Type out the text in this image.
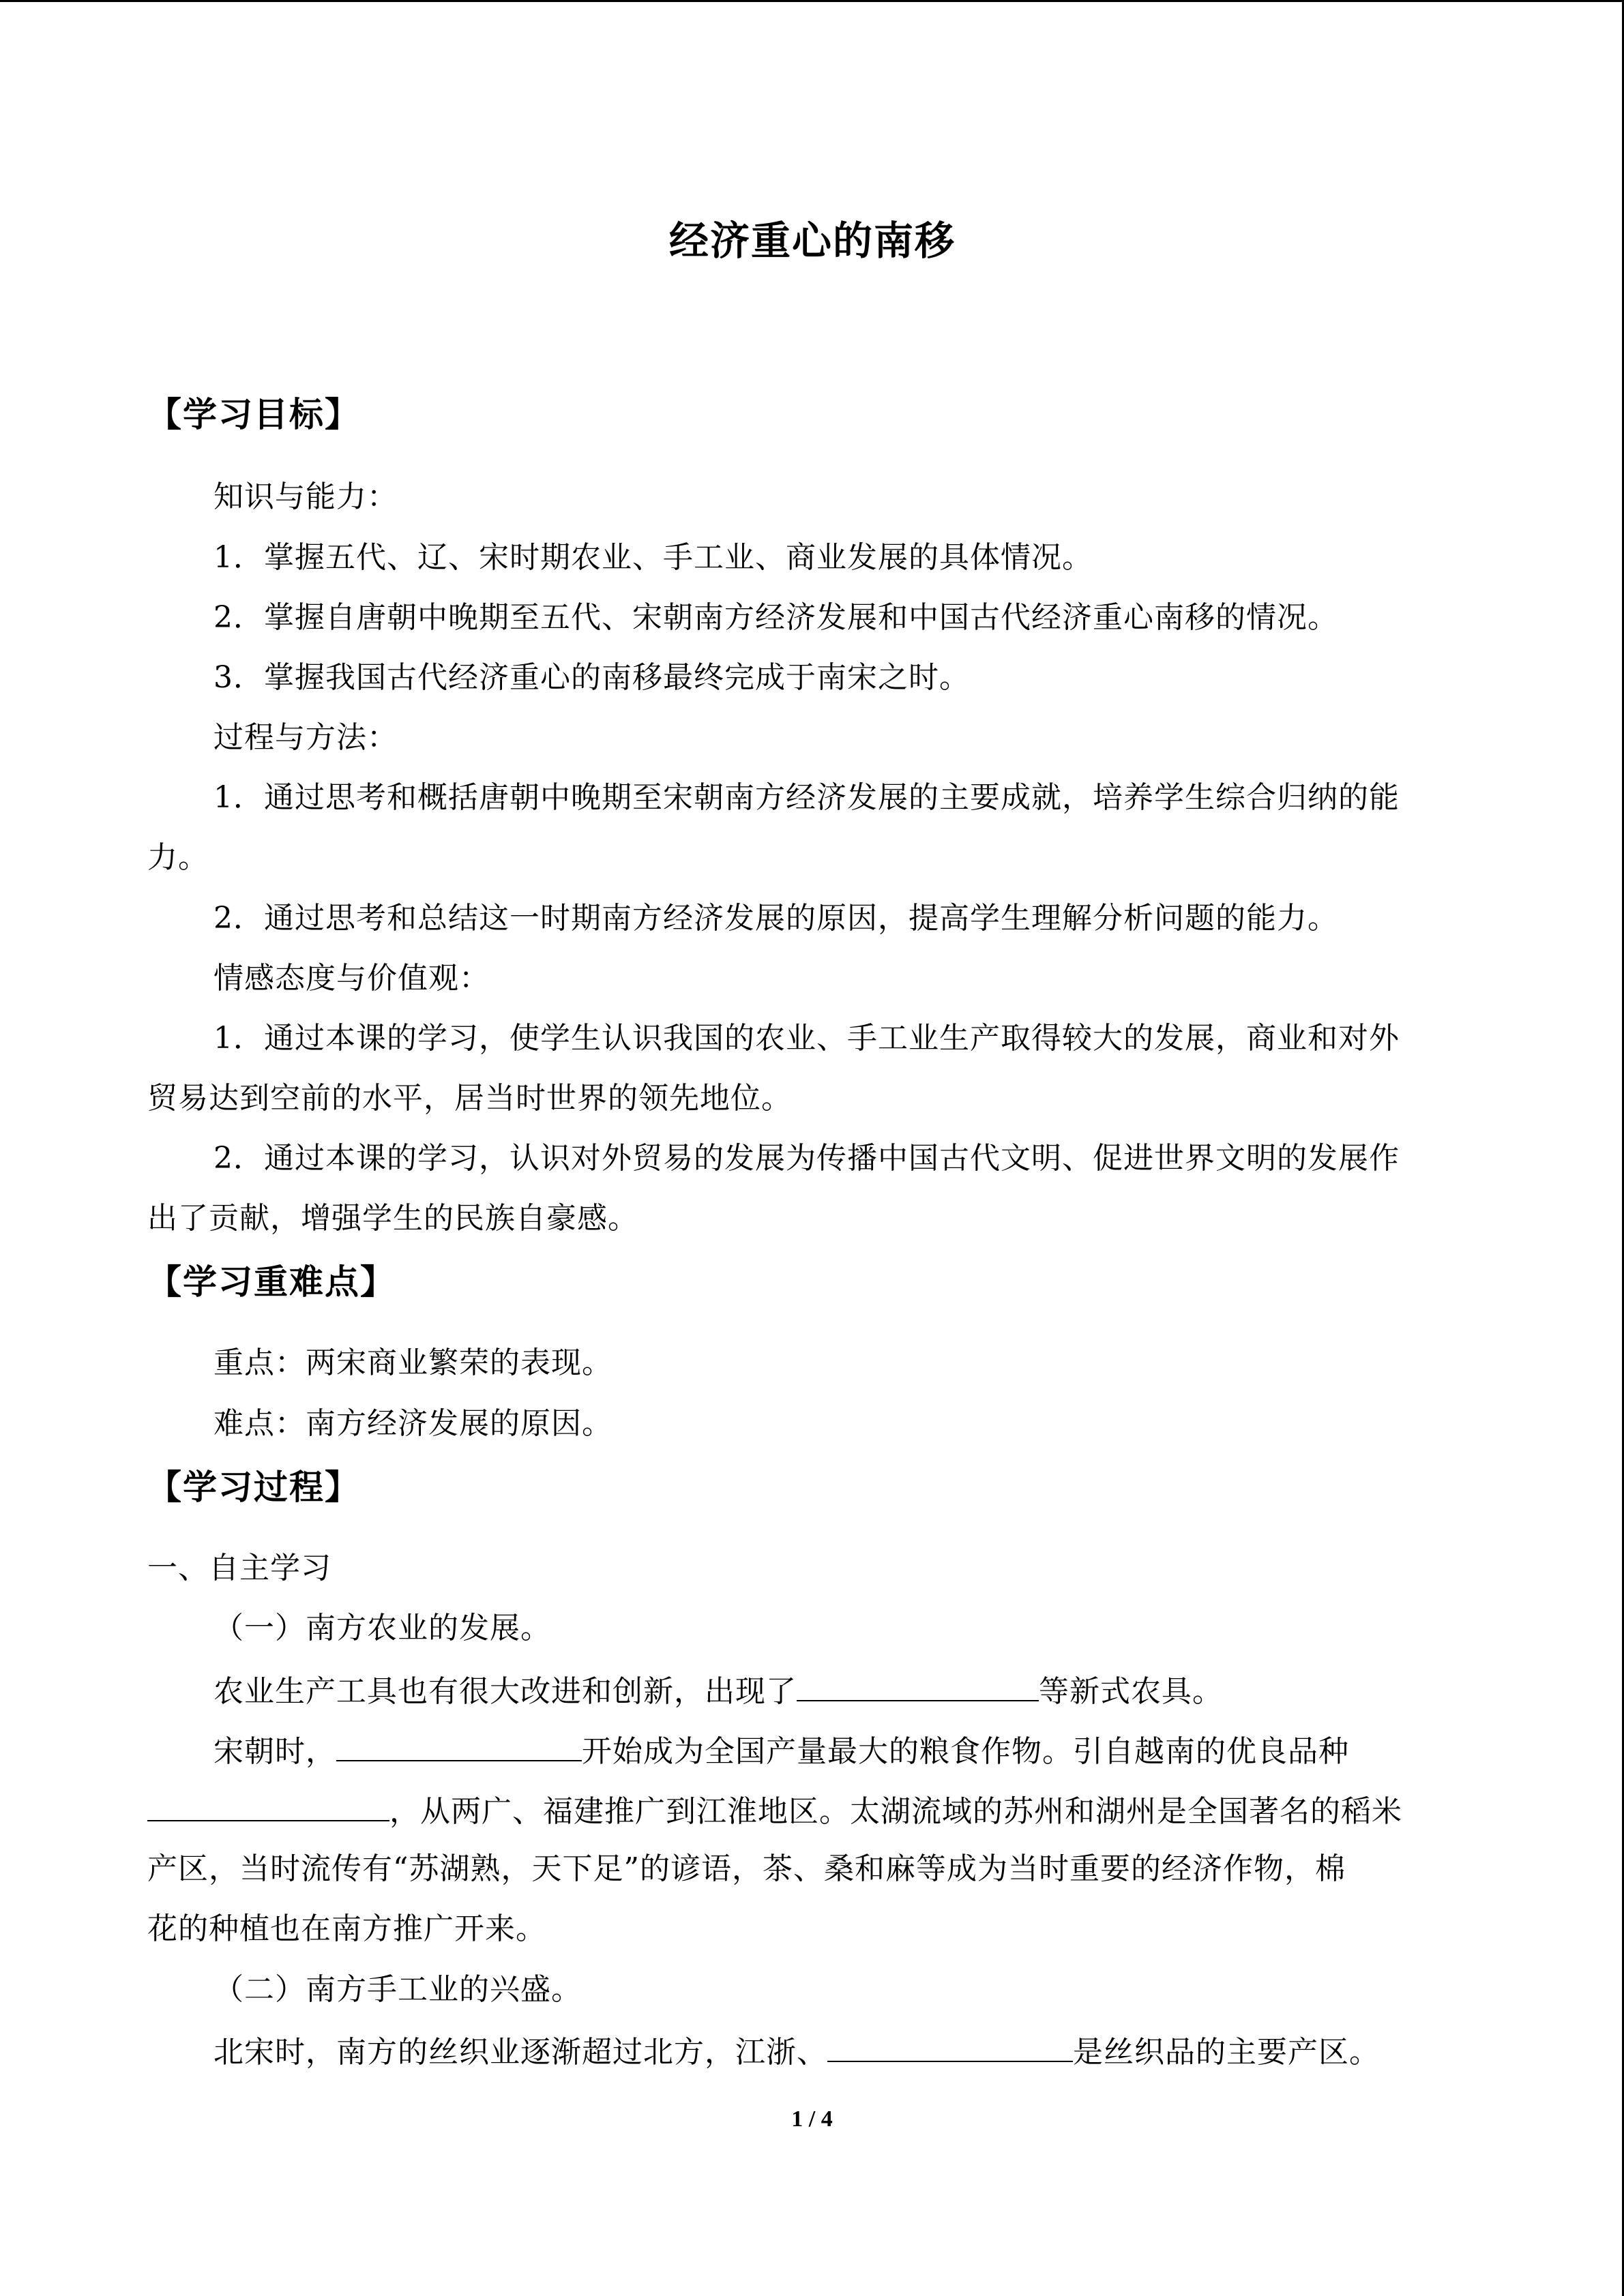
经济重心的南移
【学习目标】
知识与能力：
1．掌握五代、辽、宋时期农业、手工业、商业发展的具体情况。
2．掌握自唐朝中晚期至五代、宋朝南方经济发展和中国古代经济重心南移的情况。
3．掌握我国古代经济重心的南移最终完成于南宋之时。
过程与方法：
1．通过思考和概括唐朝中晚期至宋朝南方经济发展的主要成就，培养学生综合归纳的能
力。
2．通过思考和总结这一时期南方经济发展的原因，提高学生理解分析问题的能力。
情感态度与价值观：
1．通过本课的学习，使学生认识我国的农业、手工业生产取得较大的发展，商业和对外
贸易达到空前的水平，居当时世界的领先地位。
2．通过本课的学习，认识对外贸易的发展为传播中国古代文明、促进世界文明的发展作
出了贡献，增强学生的民族自豪感。
【学习重难点】
重点：两宋商业繁荣的表现。
难点：南方经济发展的原因。
【学习过程】
一、自主学习
（一）南方农业的发展。
农业生产工具也有很大改进和创新，出现了	等新式农具。
宋朝时，	开始成为全国产量最大的粮食作物。引自越南的优良品种
，从两广、福建推广到江淮地区。太湖流域的苏州和湖州是全国著名的稻米
产区，当时流传有“苏湖熟，天下足”的谚语，茶、桑和麻等成为当时重要的经济作物，棉
花的种植也在南方推广开来。
（二）南方手工业的兴盛。
北宋时，南方的丝织业逐渐超过北方，江浙、	是丝织品的主要产区。
1 / 4
